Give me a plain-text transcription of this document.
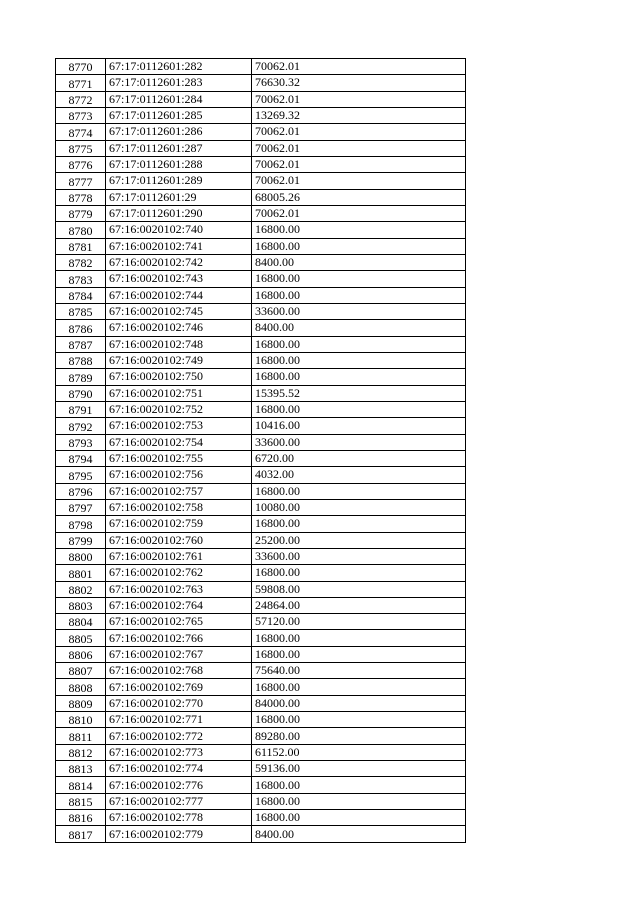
8770	67:17:0112601:282	70062.01
8771	67:17:0112601:283	76630.32
8772	67:17:0112601:284	70062.01
8773	67:17:0112601:285	13269.32
8774	67:17:0112601:286	70062.01
8775	67:17:0112601:287	70062.01
8776	67:17:0112601:288	70062.01
8777	67:17:0112601:289	70062.01
8778	67:17:0112601:29	68005.26
8779	67:17:0112601:290	70062.01
8780	67:16:0020102:740	16800.00
8781	67:16:0020102:741	16800.00
8782	67:16:0020102:742	8400.00
8783	67:16:0020102:743	16800.00
8784	67:16:0020102:744	16800.00
8785	67:16:0020102:745	33600.00
8786	67:16:0020102:746	8400.00
8787	67:16:0020102:748	16800.00
8788	67:16:0020102:749	16800.00
8789	67:16:0020102:750	16800.00
8790	67:16:0020102:751	15395.52
8791	67:16:0020102:752	16800.00
8792	67:16:0020102:753	10416.00
8793	67:16:0020102:754	33600.00
8794	67:16:0020102:755	6720.00
8795	67:16:0020102:756	4032.00
8796	67:16:0020102:757	16800.00
8797	67:16:0020102:758	10080.00
8798	67:16:0020102:759	16800.00
8799	67:16:0020102:760	25200.00
8800	67:16:0020102:761	33600.00
8801	67:16:0020102:762	16800.00
8802	67:16:0020102:763	59808.00
8803	67:16:0020102:764	24864.00
8804	67:16:0020102:765	57120.00
8805	67:16:0020102:766	16800.00
8806	67:16:0020102:767	16800.00
8807	67:16:0020102:768	75640.00
8808	67:16:0020102:769	16800.00
8809	67:16:0020102:770	84000.00
8810	67:16:0020102:771	16800.00
8811	67:16:0020102:772	89280.00
8812	67:16:0020102:773	61152.00
8813	67:16:0020102:774	59136.00
8814	67:16:0020102:776	16800.00
8815	67:16:0020102:777	16800.00
8816	67:16:0020102:778	16800.00
8817	67:16:0020102:779	8400.00
